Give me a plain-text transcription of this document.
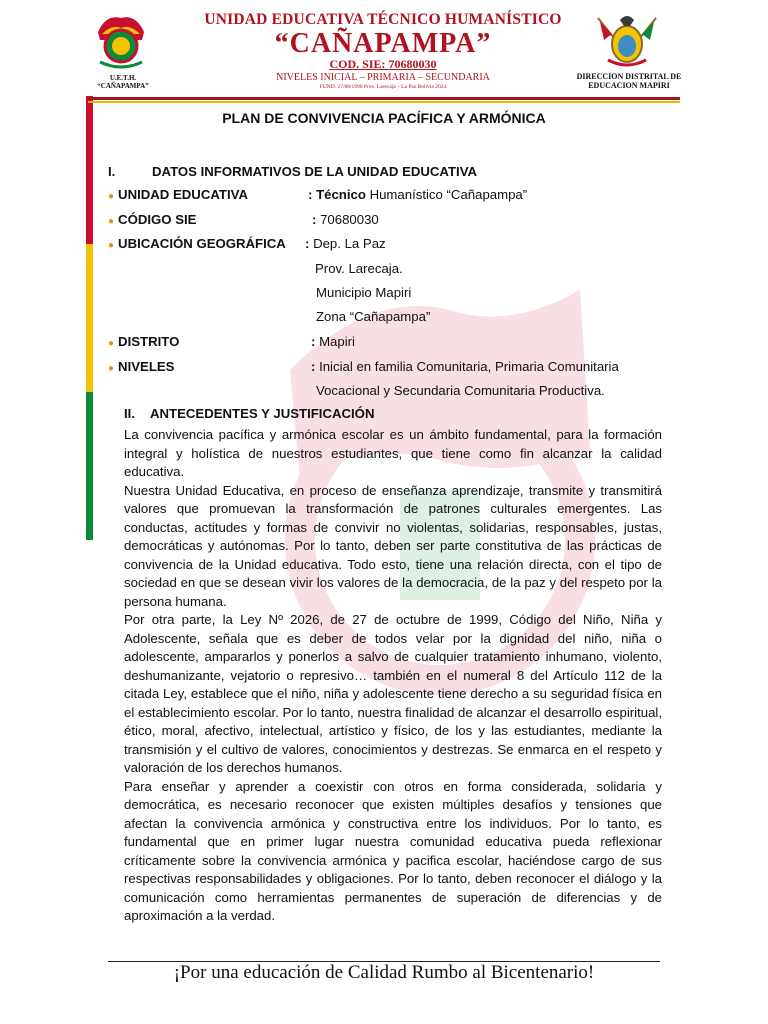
U.E.T.H.
“CAÑAPAMPA”
DIRECCION DISTRITAL DE EDUCACION MAPIRI
UNIDAD EDUCATIVA TÉCNICO HUMANÍSTICO
“CAÑAPAMPA”
COD. SIE: 70680030
NIVELES INICIAL – PRIMARIA – SECUNDARIA
FUND. 27/08/1990 Prov. Larecaja – La Paz Bolivia 2024
PLAN DE CONVIVENCIA PACÍFICA Y ARMÓNICA
I.	DATOS INFORMATIVOS DE LA UNIDAD EDUCATIVA
● UNIDAD EDUCATIVA	: Técnico Humanístico “Cañapampa”
● CÓDIGO SIE	: 70680030
● UBICACIÓN GEOGRÁFICA : Dep. La Paz
Prov. Larecaja.
Municipio Mapiri
Zona “Cañapampa”
● DISTRITO	: Mapiri
● NIVELES	: Inicial en familia Comunitaria, Primaria Comunitaria
Vocacional y Secundaria Comunitaria Productiva.
II. ANTECEDENTES Y JUSTIFICACIÓN

La convivencia pacífica y armónica escolar es un ámbito fundamental, para la formación integral y holística de nuestros estudiantes, que tiene como fin alcanzar la calidad educativa.

Nuestra Unidad Educativa, en proceso de enseñanza aprendizaje, transmite y transmitirá valores que promuevan la transformación de patrones culturales emergentes. Las conductas, actitudes y formas de convivir no violentas, solidarias, responsables, justas, democráticas y autónomas. Por lo tanto, deben ser parte constitutiva de las prácticas de convivencia de la Unidad educativa. Todo esto, tiene una relación directa, con el tipo de sociedad en que se desean vivir los valores de la democracia, de la paz y del respeto por la persona humana.

Por otra parte, la Ley Nº 2026, de 27 de octubre de 1999, Código del Niño, Niña y Adolescente, señala que es deber de todos velar por la dignidad del niño, niña o adolescente, ampararlos y ponerlos a salvo de cualquier tratamiento inhumano, violento, deshumanizante, vejatorio o represivo… también en el numeral 8 del Artículo 112 de la citada Ley, establece que el niño, niña y adolescente tiene derecho a su seguridad física en el establecimiento escolar. Por lo tanto, nuestra finalidad de alcanzar el desarrollo espiritual, ético, moral, afectivo, intelectual, artístico y físico, de los y las estudiantes, mediante la transmisión y el cultivo de valores, conocimientos y destrezas. Se enmarca en el respeto y valoración de los derechos humanos.

Para enseñar y aprender a coexistir con otros en forma considerada, solidaria y democrática, es necesario reconocer que existen múltiples desafíos y tensiones que afectan la convivencia armónica y constructiva entre los individuos. Por lo tanto, es fundamental que en primer lugar nuestra comunidad educativa pueda reflexionar críticamente sobre la convivencia armónica y pacifica escolar, haciéndose cargo de sus respectivas responsabilidades y obligaciones. Por lo tanto, deben reconocer el diálogo y la comunicación como herramientas permanentes de superación de diferencias y de aproximación a la verdad.

¡Por una educación de Calidad Rumbo al Bicentenario!
